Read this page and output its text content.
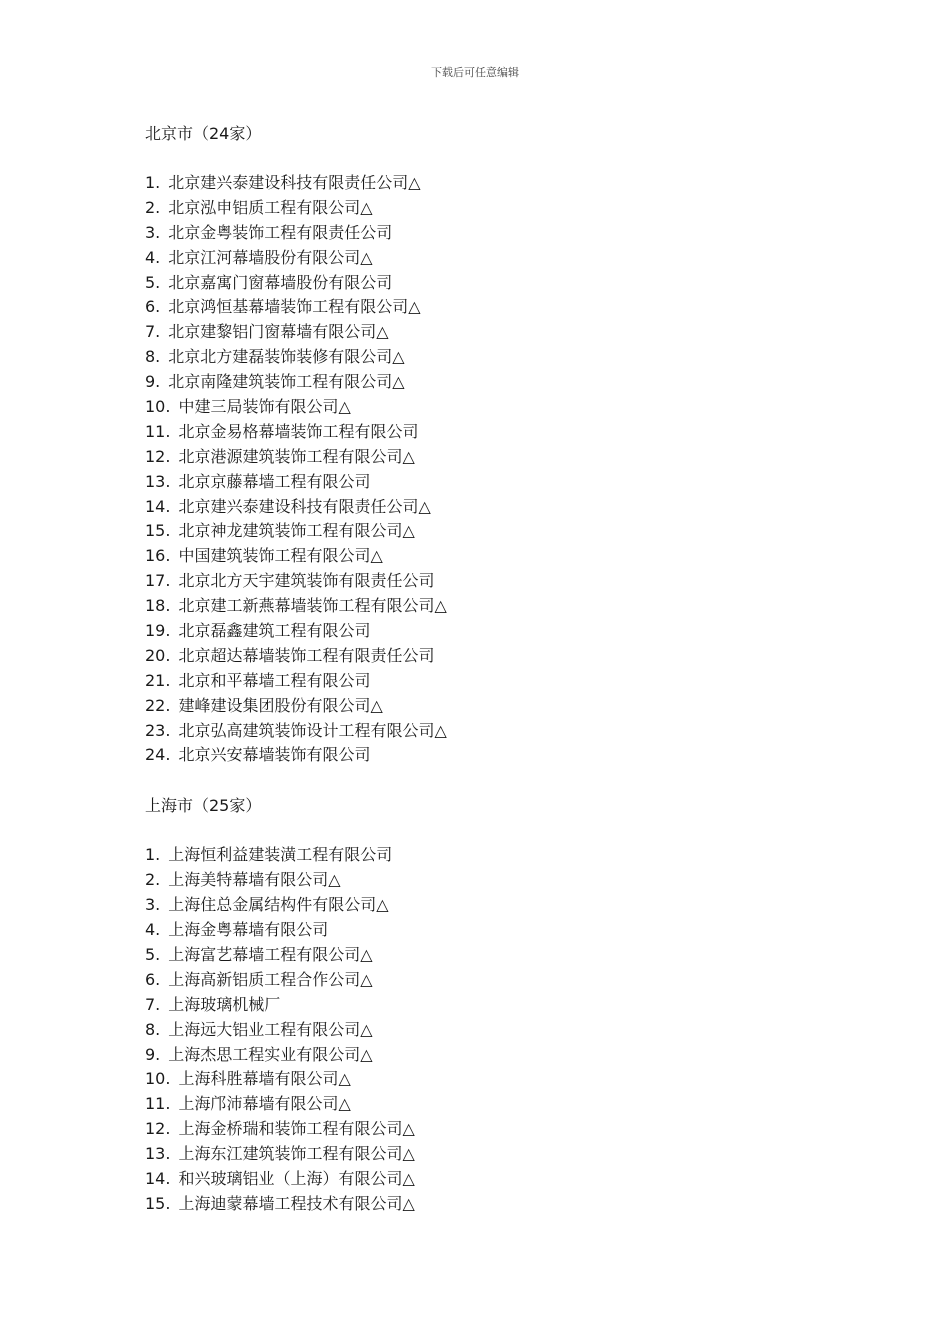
下载后可任意编辑
北京市（24家）
1. 北京建兴泰建设科技有限责任公司△
2. 北京泓申铝质工程有限公司△
3. 北京金粤装饰工程有限责任公司
4. 北京江河幕墙股份有限公司△
5. 北京嘉寓门窗幕墙股份有限公司
6. 北京鸿恒基幕墙装饰工程有限公司△
7. 北京建黎铝门窗幕墙有限公司△
8. 北京北方建磊装饰装修有限公司△
9. 北京南隆建筑装饰工程有限公司△
10. 中建三局装饰有限公司△
11. 北京金易格幕墙装饰工程有限公司
12. 北京港源建筑装饰工程有限公司△
13. 北京京藤幕墙工程有限公司
14. 北京建兴泰建设科技有限责任公司△
15. 北京神龙建筑装饰工程有限公司△
16. 中国建筑装饰工程有限公司△
17. 北京北方天宇建筑装饰有限责任公司
18. 北京建工新燕幕墙装饰工程有限公司△
19. 北京磊鑫建筑工程有限公司
20. 北京超达幕墙装饰工程有限责任公司
21. 北京和平幕墙工程有限公司
22. 建峰建设集团股份有限公司△
23. 北京弘高建筑装饰设计工程有限公司△
24. 北京兴安幕墙装饰有限公司
上海市（25家）
1. 上海恒利益建装潢工程有限公司
2. 上海美特幕墙有限公司△
3. 上海住总金属结构件有限公司△
4. 上海金粤幕墙有限公司
5. 上海富艺幕墙工程有限公司△
6. 上海高新铝质工程合作公司△
7. 上海玻璃机械厂
8. 上海远大铝业工程有限公司△
9. 上海杰思工程实业有限公司△
10. 上海科胜幕墙有限公司△
11. 上海邝沛幕墙有限公司△
12. 上海金桥瑞和装饰工程有限公司△
13. 上海东江建筑装饰工程有限公司△
14. 和兴玻璃铝业（上海）有限公司△
15. 上海迪蒙幕墙工程技术有限公司△
